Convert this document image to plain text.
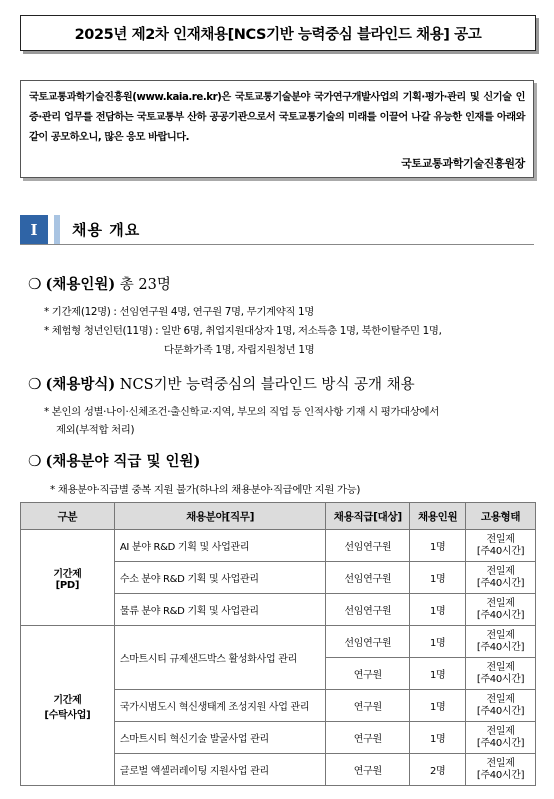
2025년 제2차 인재채용[NCS기반 능력중심 블라인드 채용] 공고
국토교통과학기술진흥원(www.kaia.re.kr)은 국토교통기술분야 국가연구개발사업의 기획·평가·관리 및 신기술 인증·관리 업무를 전담하는 국토교통부 산하 공공기관으로서 국토교통기술의 미래를 이끌어 나갈 유능한 인재를 아래와 같이 공모하오니, 많은 응모 바랍니다.
국토교통과학기술진흥원장
Ⅰ	채용 개요
❍ (채용인원) 총 23명
* 기간제(12명) : 선임연구원 4명, 연구원 7명, 무기계약직 1명
* 체험형 청년인턴(11명) : 일반 6명, 취업지원대상자 1명, 저소득층 1명, 북한이탈주민 1명,
다문화가족 1명, 자립지원청년 1명
❍ (채용방식) NCS기반 능력중심의 블라인드 방식 공개 채용
* 본인의 성별·나이·신체조건·출신학교·지역, 부모의 직업 등 인적사항 기재 시 평가대상에서
제외(부적합 처리)
❍ (채용분야 직급 및 인원)
* 채용분야·직급별 중복 지원 불가(하나의 채용분야·직급에만 지원 가능)
구분	채용분야[직무]	채용직급[대상]	채용인원	고용형태
기간제
[PD]	AI 분야 R&D 기획 및 사업관리	선임연구원	1명	전일제
[주40시간]
	수소 분야 R&D 기획 및 사업관리	선임연구원	1명	전일제
[주40시간]
	물류 분야 R&D 기획 및 사업관리	선임연구원	1명	전일제
[주40시간]
기간제
[수탁사업]	스마트시티 규제샌드박스 활성화사업 관리	선임연구원	1명	전일제
[주40시간]
		연구원	1명	전일제
[주40시간]
	국가시범도시 혁신생태계 조성지원 사업 관리	연구원	1명	전일제
[주40시간]
	스마트시티 혁신기술 발굴사업 관리	연구원	1명	전일제
[주40시간]
	글로벌 액셀러레이팅 지원사업 관리	연구원	2명	전일제
[주40시간]
